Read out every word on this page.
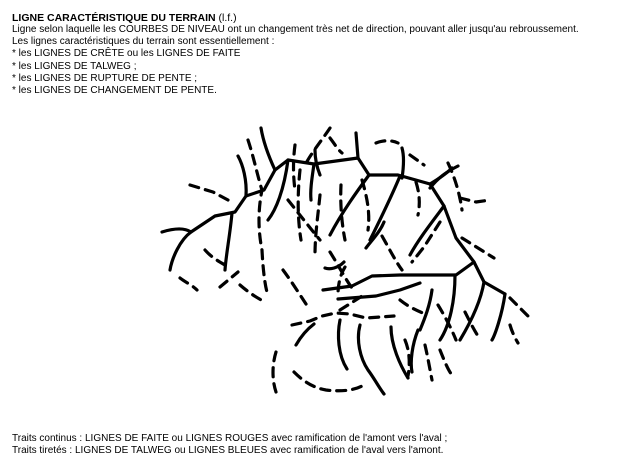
LIGNE CARACTÉRISTIQUE DU TERRAIN (l.f.)
Ligne selon laquelle les COURBES DE NIVEAU ont un changement très net de direction, pouvant aller jusqu'au rebroussement.
Les lignes caractéristiques du terrain sont essentiellement :
* les LIGNES DE CRÊTE ou les LIGNES DE FAITE
* les LIGNES DE TALWEG ;
* les LIGNES DE RUPTURE DE PENTE ;
* les LIGNES DE CHANGEMENT DE PENTE.
Traits continus : LIGNES DE FAITE ou LIGNES ROUGES avec ramification de l'amont vers l'aval ;
Traits tiretés : LIGNES DE TALWEG ou LIGNES BLEUES avec ramification de l'aval vers l'amont.
